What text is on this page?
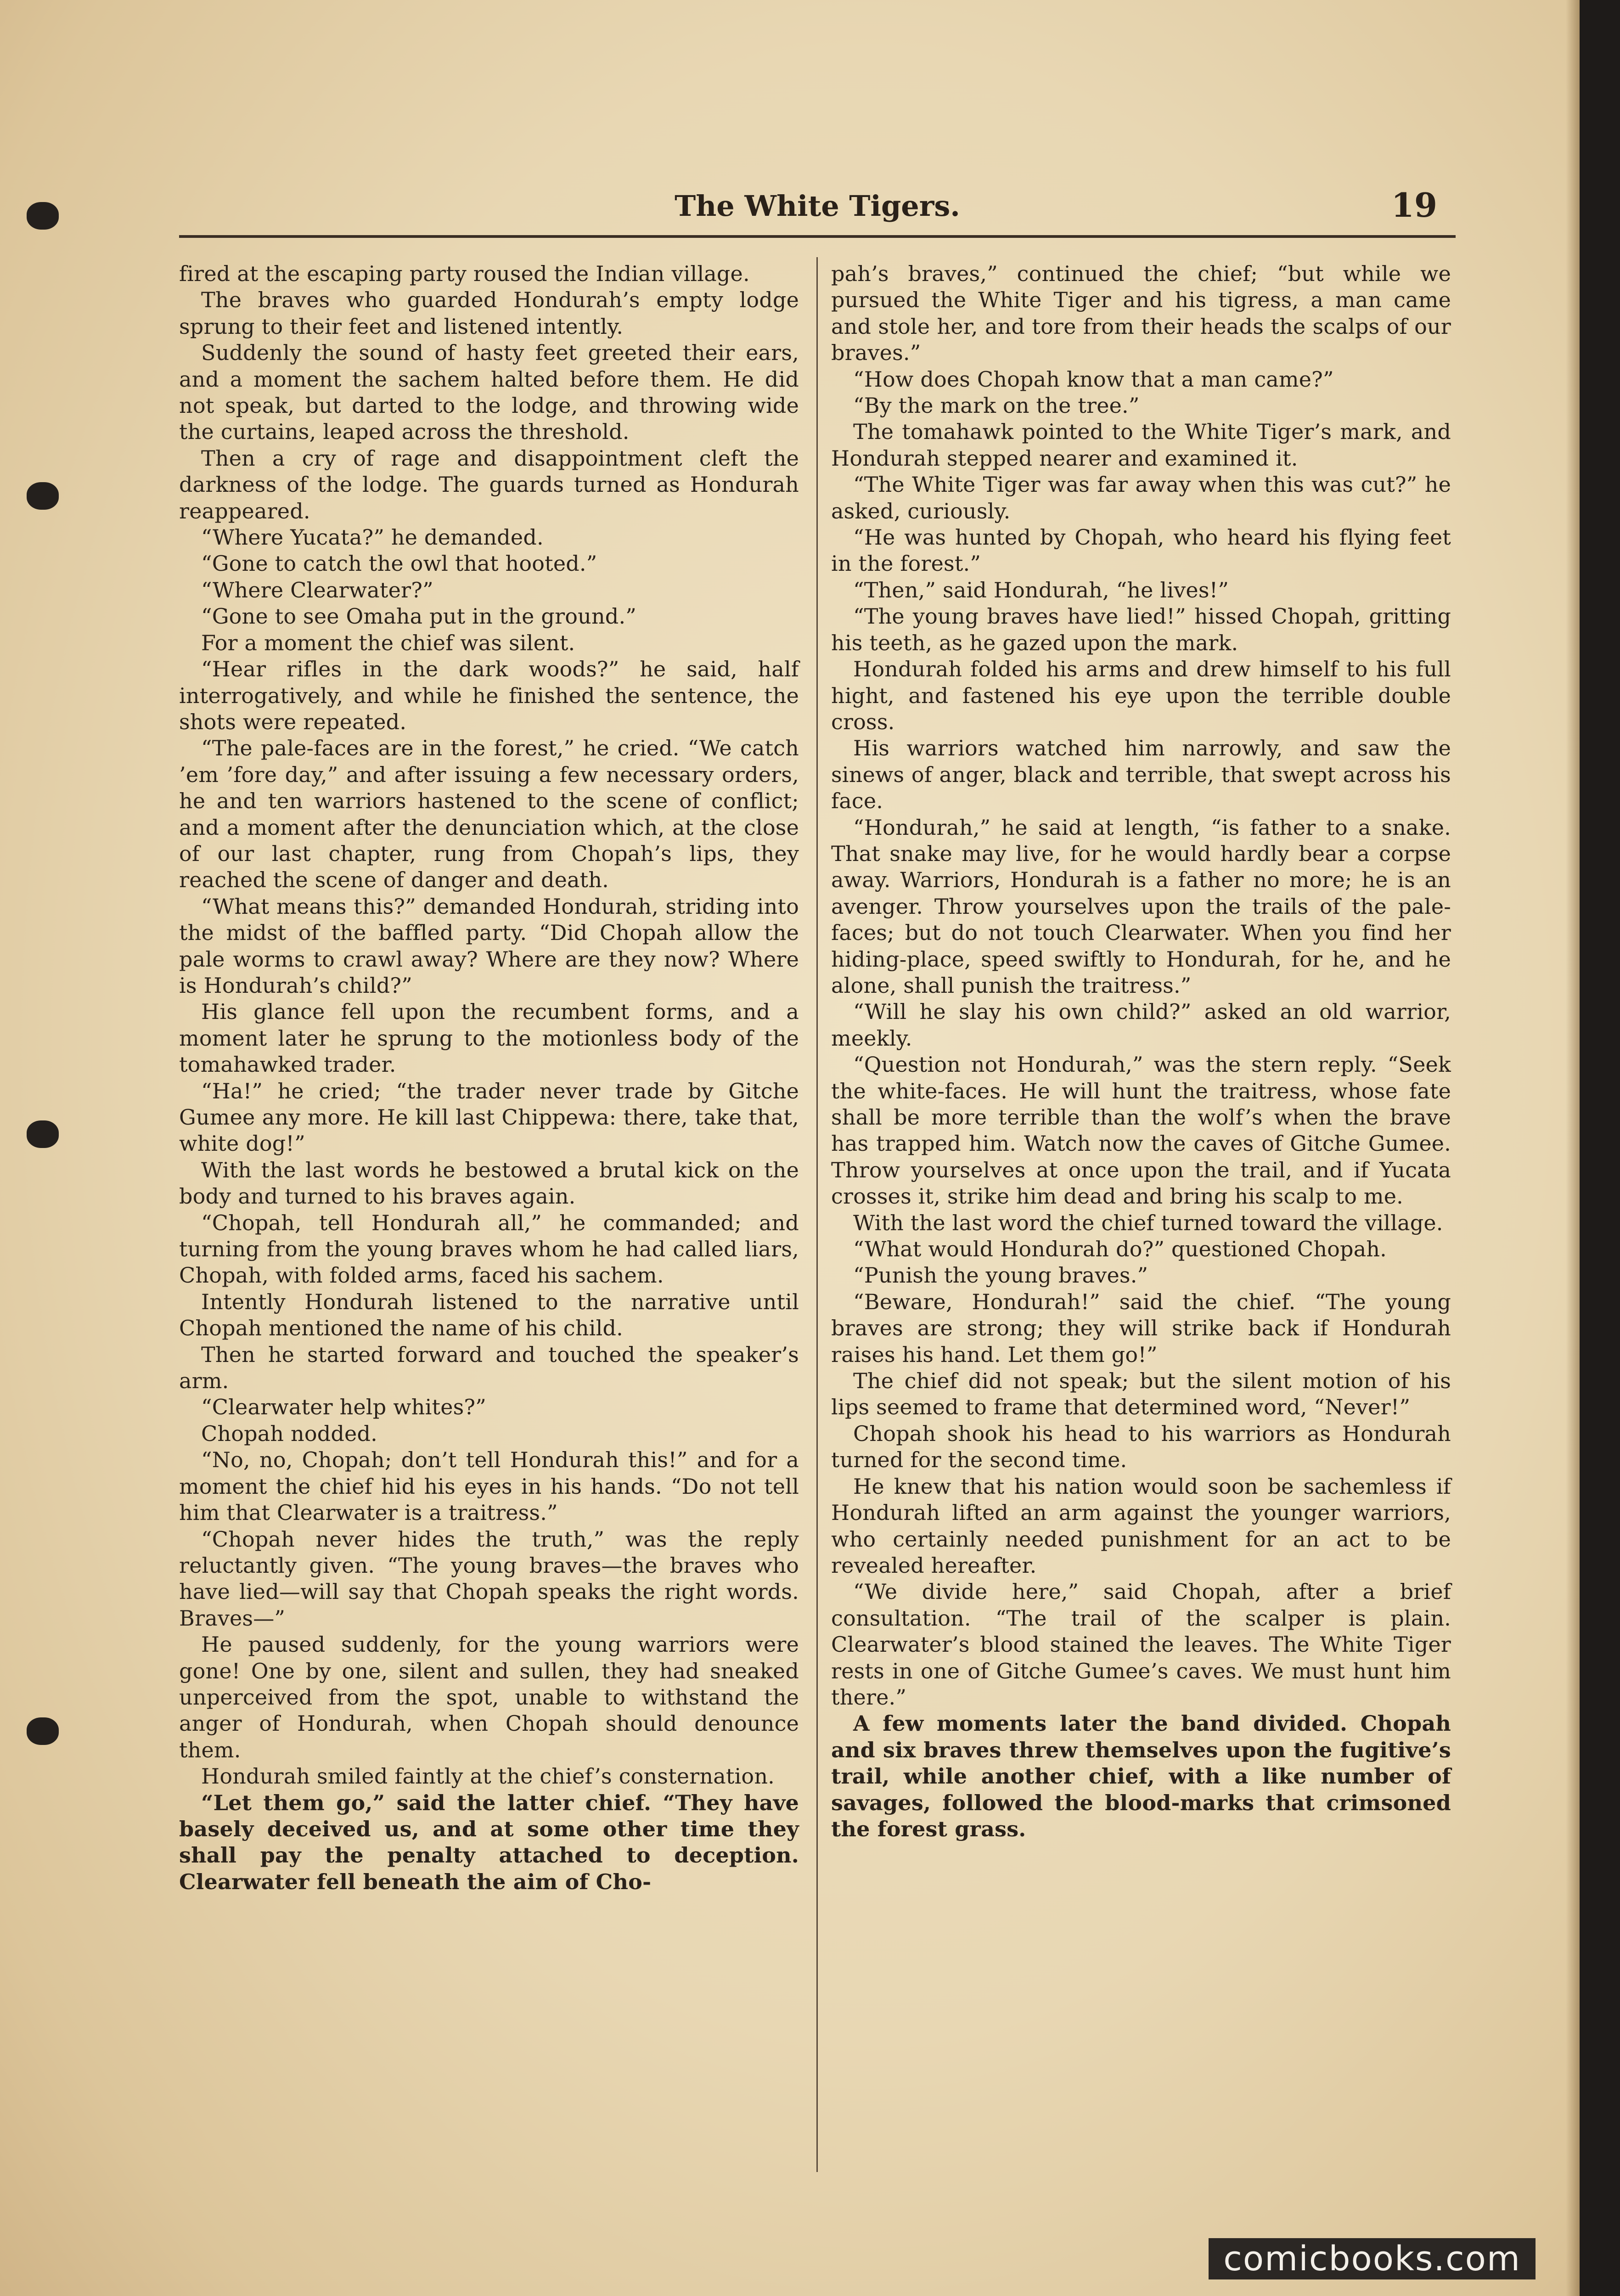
The White Tigers.	19

fired at the escaping party roused the Indian village.

The braves who guarded Hondurah’s empty lodge sprung to their feet and listened intently.

Suddenly the sound of hasty feet greeted their ears, and a moment the sachem halted before them. He did not speak, but darted to the lodge, and throwing wide the curtains, leaped across the threshold.

Then a cry of rage and disappointment cleft the darkness of the lodge. The guards turned as Hondurah reappeared.

“Where Yucata?” he demanded.

“Gone to catch the owl that hooted.”

“Where Clearwater?”

“Gone to see Omaha put in the ground.”

For a moment the chief was silent.

“Hear rifles in the dark woods?” he said, half interrogatively, and while he finished the sentence, the shots were repeated.

“The pale-faces are in the forest,” he cried. “We catch ’em ’fore day,” and after issuing a few necessary orders, he and ten warriors hastened to the scene of conflict; and a moment after the denunciation which, at the close of our last chapter, rung from Chopah’s lips, they reached the scene of danger and death.

“What means this?” demanded Hondurah, striding into the midst of the baffled party. “Did Chopah allow the pale worms to crawl away? Where are they now? Where is Hondurah’s child?”

His glance fell upon the recumbent forms, and a moment later he sprung to the motionless body of the tomahawked trader.

“Ha!” he cried; “the trader never trade by Gitche Gumee any more. He kill last Chippewa: there, take that, white dog!”

With the last words he bestowed a brutal kick on the body and turned to his braves again.

“Chopah, tell Hondurah all,” he commanded; and turning from the young braves whom he had called liars, Chopah, with folded arms, faced his sachem.

Intently Hondurah listened to the narrative until Chopah mentioned the name of his child.

Then he started forward and touched the speaker’s arm.

“Clearwater help whites?”

Chopah nodded.

“No, no, Chopah; don’t tell Hondurah this!” and for a moment the chief hid his eyes in his hands. “Do not tell him that Clearwater is a traitress.”

“Chopah never hides the truth,” was the reply reluctantly given. “The young braves—the braves who have lied—will say that Chopah speaks the right words. Braves—”

He paused suddenly, for the young warriors were gone! One by one, silent and sullen, they had sneaked unperceived from the spot, unable to withstand the anger of Hondurah, when Chopah should denounce them.

Hondurah smiled faintly at the chief’s consternation.

“Let them go,” said the latter chief. “They have basely deceived us, and at some other time they shall pay the penalty attached to deception. Clearwater fell beneath the aim of Cho-

pah’s braves,” continued the chief; “but while we pursued the White Tiger and his tigress, a man came and stole her, and tore from their heads the scalps of our braves.”

“How does Chopah know that a man came?”

“By the mark on the tree.”

The tomahawk pointed to the White Tiger’s mark, and Hondurah stepped nearer and examined it.

“The White Tiger was far away when this was cut?” he asked, curiously.

“He was hunted by Chopah, who heard his flying feet in the forest.”

“Then,” said Hondurah, “he lives!”

“The young braves have lied!” hissed Chopah, gritting his teeth, as he gazed upon the mark.

Hondurah folded his arms and drew himself to his full hight, and fastened his eye upon the terrible double cross.

His warriors watched him narrowly, and saw the sinews of anger, black and terrible, that swept across his face.

“Hondurah,” he said at length, “is father to a snake. That snake may live, for he would hardly bear a corpse away. Warriors, Hondurah is a father no more; he is an avenger. Throw yourselves upon the trails of the pale-faces; but do not touch Clearwater. When you find her hiding-place, speed swiftly to Hondurah, for he, and he alone, shall punish the traitress.”

“Will he slay his own child?” asked an old warrior, meekly.

“Question not Hondurah,” was the stern reply. “Seek the white-faces. He will hunt the traitress, whose fate shall be more terrible than the wolf’s when the brave has trapped him. Watch now the caves of Gitche Gumee. Throw yourselves at once upon the trail, and if Yucata crosses it, strike him dead and bring his scalp to me.

With the last word the chief turned toward the village.

“What would Hondurah do?” questioned Chopah.

“Punish the young braves.”

“Beware, Hondurah!” said the chief. “The young braves are strong; they will strike back if Hondurah raises his hand. Let them go!”

The chief did not speak; but the silent motion of his lips seemed to frame that determined word, “Never!”

Chopah shook his head to his warriors as Hondurah turned for the second time.

He knew that his nation would soon be sachemless if Hondurah lifted an arm against the younger warriors, who certainly needed punishment for an act to be revealed hereafter.

“We divide here,” said Chopah, after a brief consultation. “The trail of the scalper is plain. Clearwater’s blood stained the leaves. The White Tiger rests in one of Gitche Gumee’s caves. We must hunt him there.”

A few moments later the band divided. Chopah and six braves threw themselves upon the fugitive’s trail, while another chief, with a like number of savages, followed the blood-marks that crimsoned the forest grass.

comicbooks.com
